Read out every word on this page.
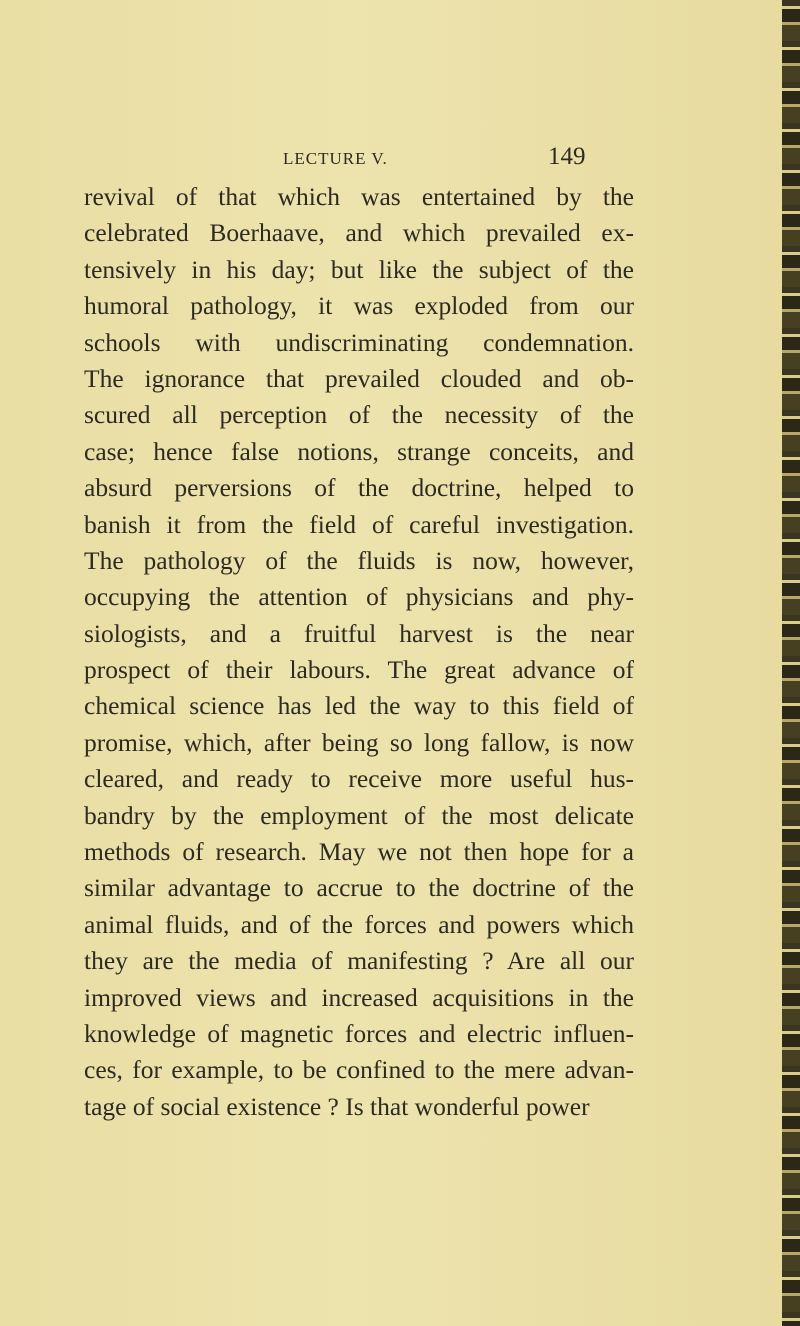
LECTURE V.	149
revival of that which was entertained by the
celebrated Boerhaave, and which prevailed ex-
tensively in his day; but like the subject of the
humoral pathology, it was exploded from our
schools with undiscriminating condemnation.
The ignorance that prevailed clouded and ob-
scured all perception of the necessity of the
case; hence false notions, strange conceits, and
absurd perversions of the doctrine, helped to
banish it from the field of careful investigation.
The pathology of the fluids is now, however,
occupying the attention of physicians and phy-
siologists, and a fruitful harvest is the near
prospect of their labours. The great advance of
chemical science has led the way to this field of
promise, which, after being so long fallow, is now
cleared, and ready to receive more useful hus-
bandry by the employment of the most delicate
methods of research. May we not then hope for a
similar advantage to accrue to the doctrine of the
animal fluids, and of the forces and powers which
they are the media of manifesting ? Are all our
improved views and increased acquisitions in the
knowledge of magnetic forces and electric influen-
ces, for example, to be confined to the mere advan-
tage of social existence ? Is that wonderful power
